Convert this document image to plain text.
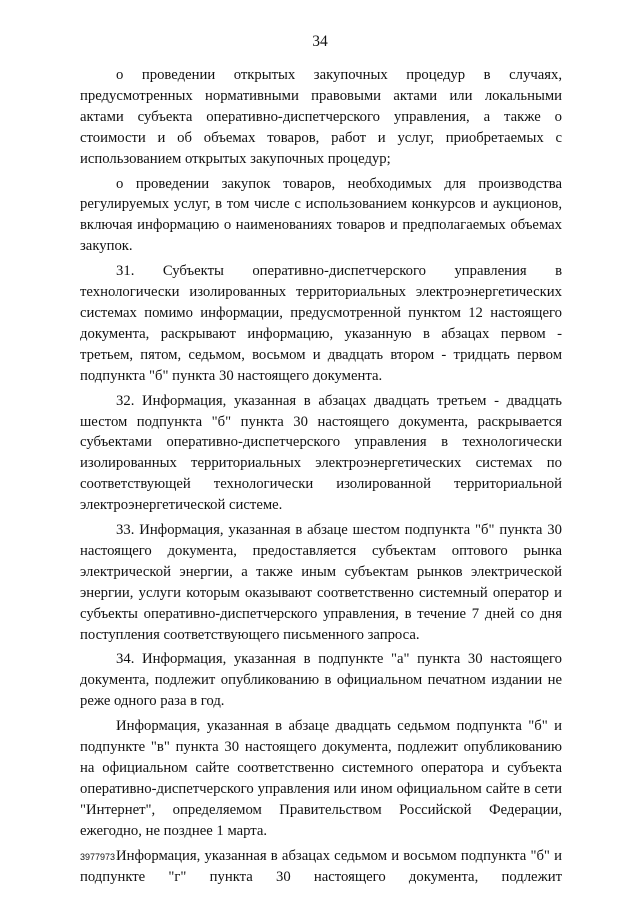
34

о проведении открытых закупочных процедур в случаях, предусмотренных нормативными правовыми актами или локальными актами субъекта оперативно-диспетчерского управления, а также о стоимости и об объемах товаров, работ и услуг, приобретаемых с использованием открытых закупочных процедур;

о проведении закупок товаров, необходимых для производства регулируемых услуг, в том числе с использованием конкурсов и аукционов, включая информацию о наименованиях товаров и предполагаемых объемах закупок.

31. Субъекты оперативно-диспетчерского управления в технологически изолированных территориальных электроэнергетических системах помимо информации, предусмотренной пунктом 12 настоящего документа, раскрывают информацию, указанную в абзацах первом - третьем, пятом, седьмом, восьмом и двадцать втором - тридцать первом подпункта "б" пункта 30 настоящего документа.

32. Информация, указанная в абзацах двадцать третьем - двадцать шестом подпункта "б" пункта 30 настоящего документа, раскрывается субъектами оперативно-диспетчерского управления в технологически изолированных территориальных электроэнергетических системах по соответствующей технологически изолированной территориальной электроэнергетической системе.

33. Информация, указанная в абзаце шестом подпункта "б" пункта 30 настоящего документа, предоставляется субъектам оптового рынка электрической энергии, а также иным субъектам рынков электрической энергии, услуги которым оказывают соответственно системный оператор и субъекты оперативно-диспетчерского управления, в течение 7 дней со дня поступления соответствующего письменного запроса.

34. Информация, указанная в подпункте "а" пункта 30 настоящего документа, подлежит опубликованию в официальном печатном издании не реже одного раза в год.

Информация, указанная в абзаце двадцать седьмом подпункта "б" и подпункте "в" пункта 30 настоящего документа, подлежит опубликованию на официальном сайте соответственно системного оператора и субъекта оперативно-диспетчерского управления или ином официальном сайте в сети "Интернет", определяемом Правительством Российской Федерации, ежегодно, не позднее 1 марта.

Информация, указанная в абзацах седьмом и восьмом подпункта "б" и подпункте "г" пункта 30 настоящего документа, подлежит

3977973
